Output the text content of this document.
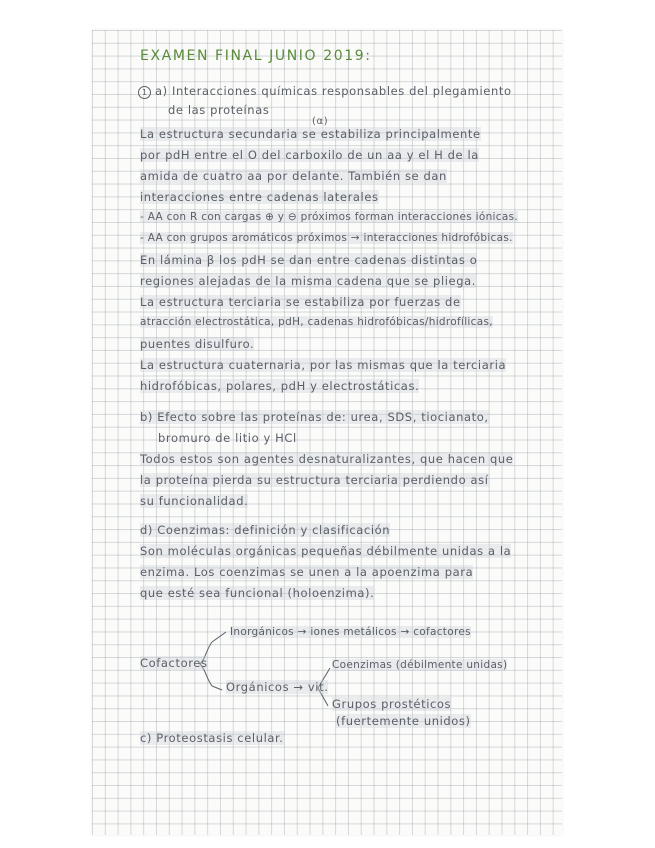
EXAMEN FINAL JUNIO 2019:
1 a) Interacciones químicas responsables del plegamiento
de las proteínas
(α)
La estructura secundaria se estabiliza principalmente
por pdH entre el O del carboxilo de un aa y el H de la
amida de cuatro aa por delante. También se dan
interacciones entre cadenas laterales
- AA con R con cargas ⊕ y ⊖ próximos forman interacciones iónicas.
- AA con grupos aromáticos próximos → interacciones hidrofóbicas.
En lámina β los pdH se dan entre cadenas distintas o
regiones alejadas de la misma cadena que se pliega.
La estructura terciaria se estabiliza por fuerzas de
atracción electrostática, pdH, cadenas hidrofóbicas/hidrofílicas,
puentes disulfuro.
La estructura cuaternaria, por las mismas que la terciaria
hidrofóbicas, polares, pdH y electrostáticas.
b) Efecto sobre las proteínas de: urea, SDS, tiocianato,
bromuro de litio y HCl
Todos estos son agentes desnaturalizantes, que hacen que
la proteína pierda su estructura terciaria perdiendo así
su funcionalidad.
d) Coenzimas: definición y clasificación
Son moléculas orgánicas pequeñas débilmente unidas a la
enzima. Los coenzimas se unen a la apoenzima para
que esté sea funcional (holoenzima).
Cofactores
Inorgánicos → iones metálicos → cofactores
Orgánicos → vit.
Coenzimas (débilmente unidas)
Grupos prostéticos
(fuertemente unidos)
c) Proteostasis celular.
